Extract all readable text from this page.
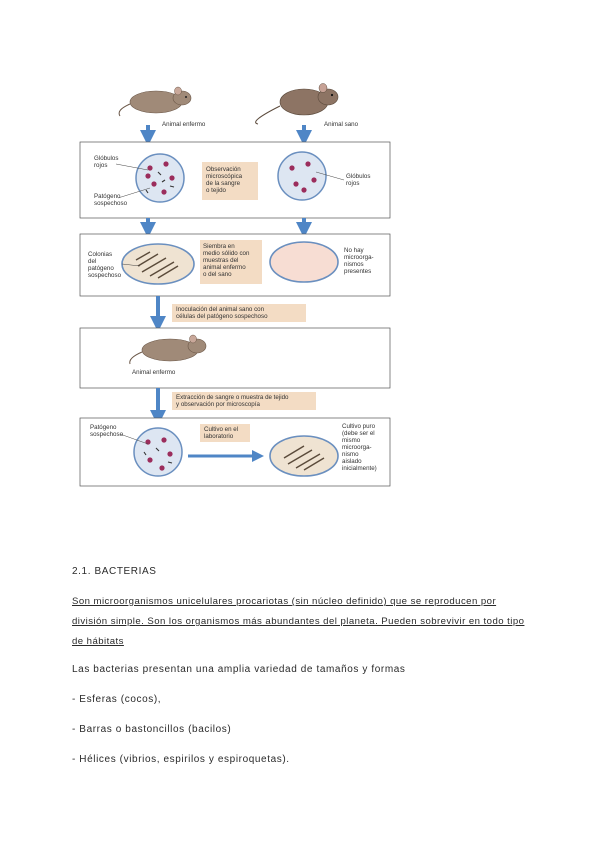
Animal enfermo	Animal sano
Glóbulos rojos
Patógeno sospechoso
Observación microscópica de la sangre o tejido
Glóbulos rojos
Colonias del patógeno sospechoso
Siembra en medio sólido con muestras del animal enfermo o del sano
No hay microorga-nismos presentes
Inoculación del animal sano con células del patógeno sospechoso
Animal enfermo
Extracción de sangre o muestra de tejido y observación por microscopía
Patógeno sospechoso
Cultivo en el laboratorio
Cultivo puro (debe ser el mismo microorga-nismo aislado inicialmente)
2.1. BACTERIAS
Son microorganismos unicelulares procariotas (sin núcleo definido) que se reproducen por
división simple. Son los organismos más abundantes del planeta. Pueden sobrevivir en todo tipo
de hábitats
Las bacterias presentan una amplia variedad de tamaños y formas
- Esferas (cocos),
- Barras o bastoncillos (bacilos)
- Hélices (vibrios, espirilos y espiroquetas).
